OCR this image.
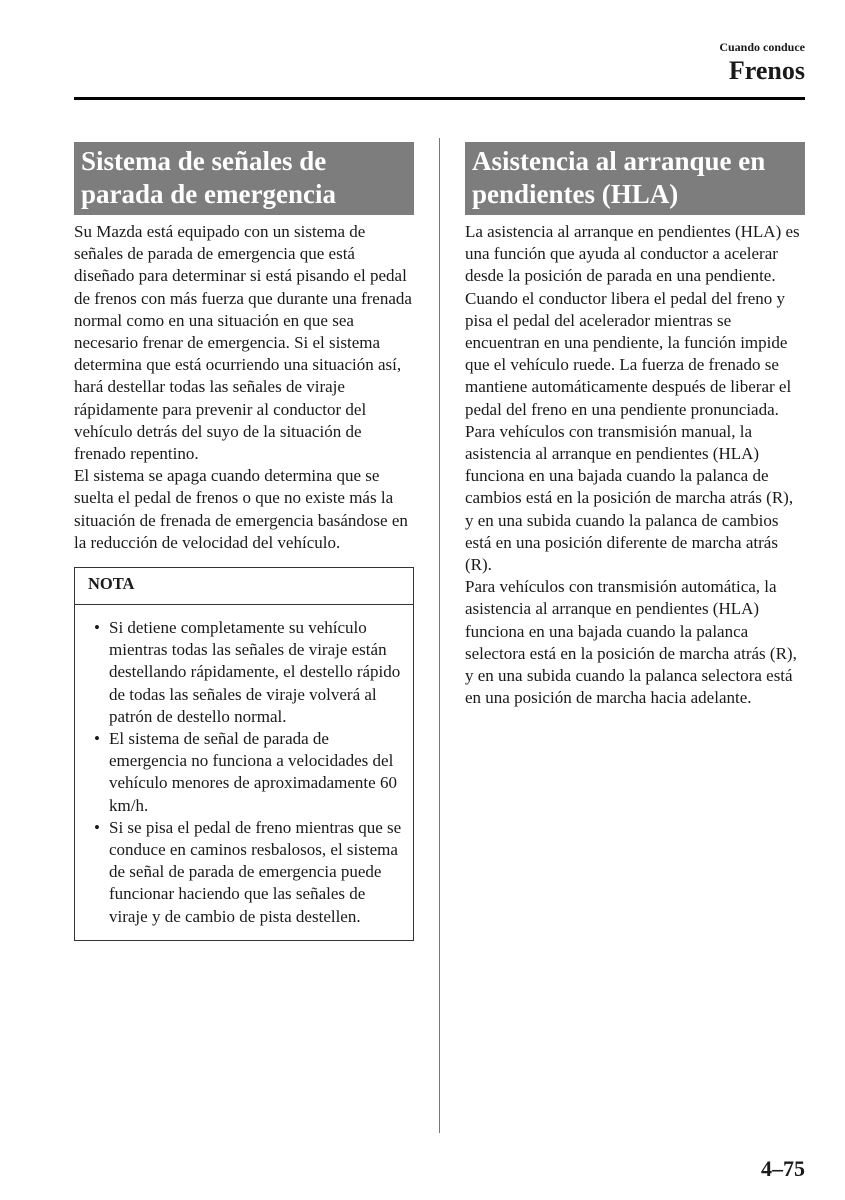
Cuando conduce
Frenos
Sistema de señales de parada de emergencia

Su Mazda está equipado con un sistema de señales de parada de emergencia que está diseñado para determinar si está pisando el pedal de frenos con más fuerza que durante una frenada normal como en una situación en que sea necesario frenar de emergencia. Si el sistema determina que está ocurriendo una situación así, hará destellar todas las señales de viraje rápidamente para prevenir al conductor del vehículo detrás del suyo de la situación de frenado repentino.

El sistema se apaga cuando determina que se suelta el pedal de frenos o que no existe más la situación de frenada de emergencia basándose en la reducción de velocidad del vehículo.

NOTA
• Si detiene completamente su vehículo mientras todas las señales de viraje están destellando rápidamente, el destello rápido de todas las señales de viraje volverá al patrón de destello normal.
• El sistema de señal de parada de emergencia no funciona a velocidades del vehículo menores de aproximadamente 60 km/h.
• Si se pisa el pedal de freno mientras que se conduce en caminos resbalosos, el sistema de señal de parada de emergencia puede funcionar haciendo que las señales de viraje y de cambio de pista destellen.
Asistencia al arranque en pendientes (HLA)

La asistencia al arranque en pendientes (HLA) es una función que ayuda al conductor a acelerar desde la posición de parada en una pendiente. Cuando el conductor libera el pedal del freno y pisa el pedal del acelerador mientras se encuentran en una pendiente, la función impide que el vehículo ruede. La fuerza de frenado se mantiene automáticamente después de liberar el pedal del freno en una pendiente pronunciada.

Para vehículos con transmisión manual, la asistencia al arranque en pendientes (HLA) funciona en una bajada cuando la palanca de cambios está en la posición de marcha atrás (R), y en una subida cuando la palanca de cambios está en una posición diferente de marcha atrás (R).

Para vehículos con transmisión automática, la asistencia al arranque en pendientes (HLA) funciona en una bajada cuando la palanca selectora está en la posición de marcha atrás (R), y en una subida cuando la palanca selectora está en una posición de marcha hacia adelante.

4–75
